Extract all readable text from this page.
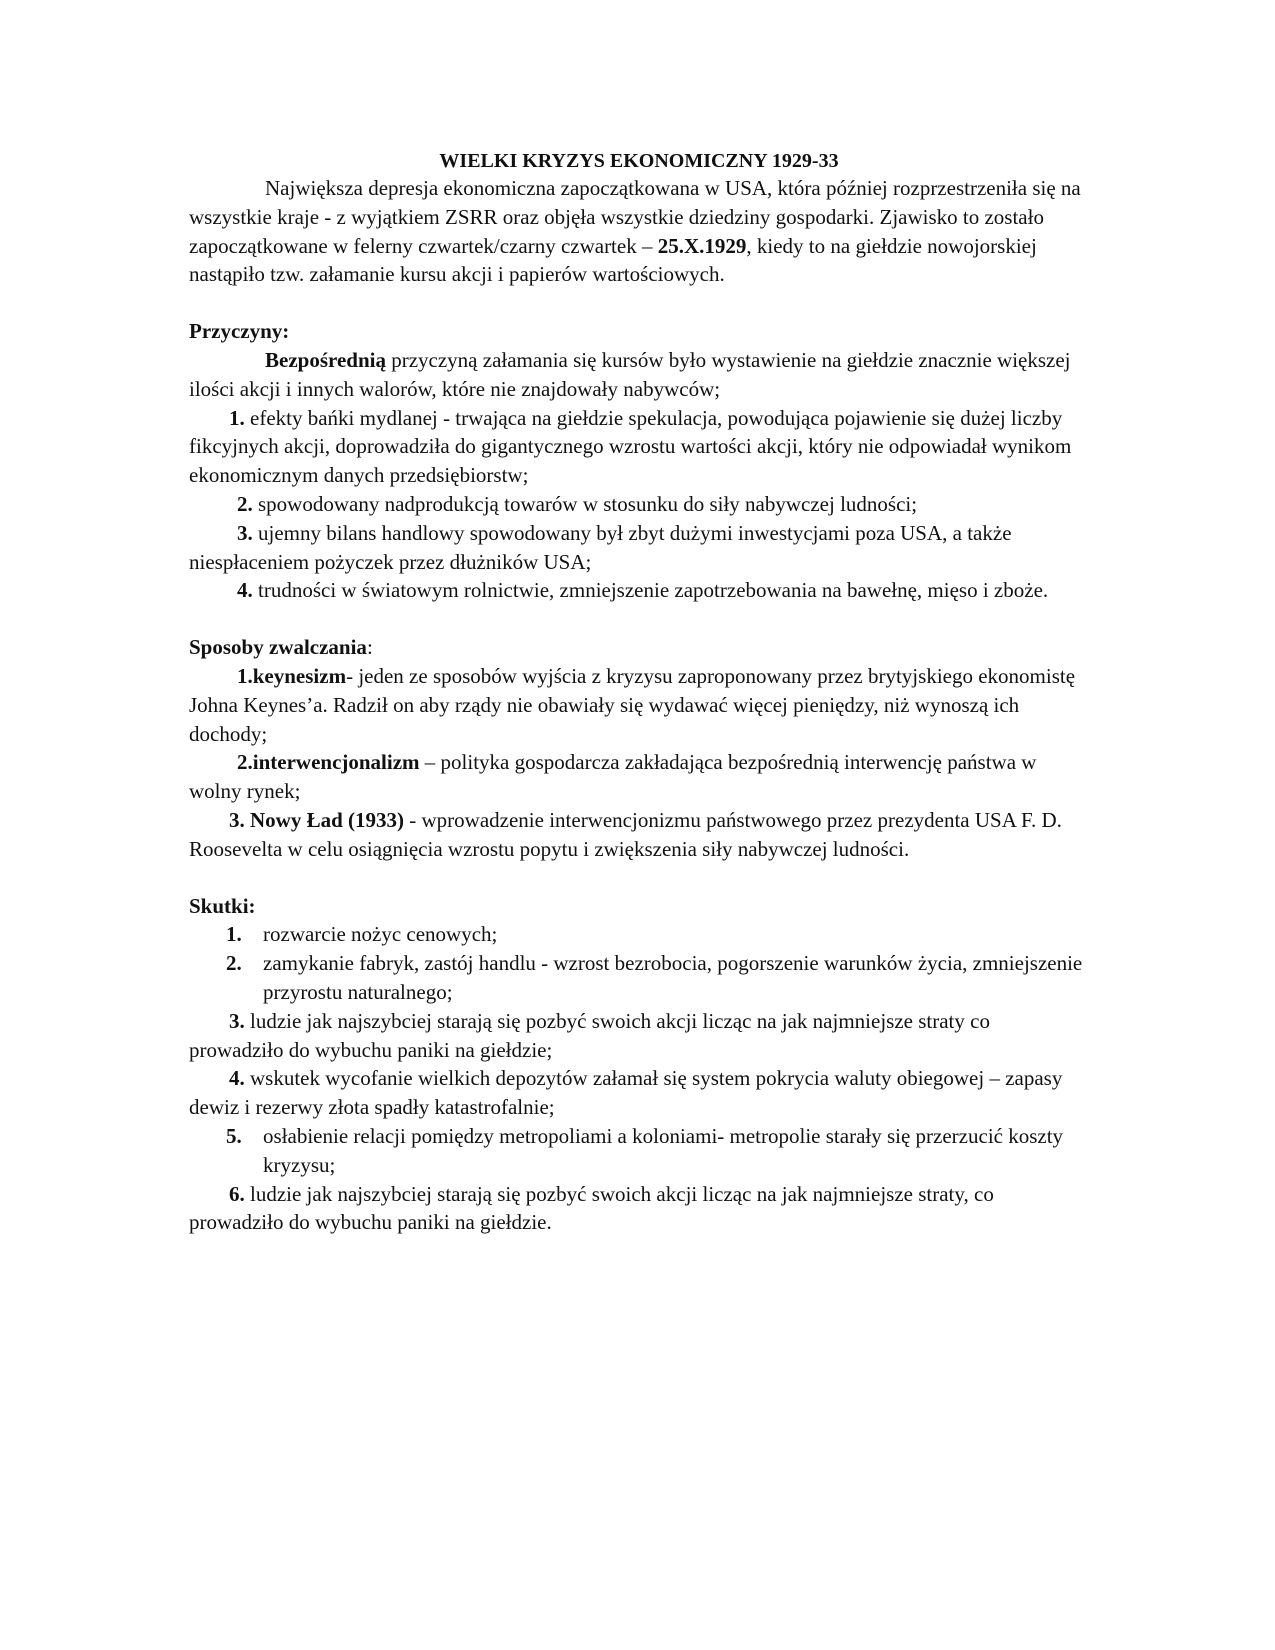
WIELKI KRYZYS EKONOMICZNY 1929-33

Największa depresja ekonomiczna zapoczątkowana w USA, która później rozprzestrzeniła się na wszystkie kraje - z wyjątkiem ZSRR oraz objęła wszystkie dziedziny gospodarki. Zjawisko to zostało zapoczątkowane w felerny czwartek/czarny czwartek – 25.X.1929, kiedy to na giełdzie nowojorskiej nastąpiło tzw. załamanie kursu akcji i papierów wartościowych.

Przyczyny:

Bezpośrednią przyczyną załamania się kursów było wystawienie na giełdzie znacznie większej ilości akcji i innych walorów, które nie znajdowały nabywców;

1. efekty bańki mydlanej - trwająca na giełdzie spekulacja, powodująca pojawienie się dużej liczby fikcyjnych akcji, doprowadziła do gigantycznego wzrostu wartości akcji, który nie odpowiadał wynikom ekonomicznym danych przedsiębiorstw;

2. spowodowany nadprodukcją towarów w stosunku do siły nabywczej ludności;

3. ujemny bilans handlowy spowodowany był zbyt dużymi inwestycjami poza USA, a także niespłaceniem pożyczek przez dłużników USA;

4. trudności w światowym rolnictwie, zmniejszenie zapotrzebowania na bawełnę, mięso i zboże.

Sposoby zwalczania:

1.keynesizm- jeden ze sposobów wyjścia z kryzysu zaproponowany przez brytyjskiego ekonomistę Johna Keynes’a. Radził on aby rządy nie obawiały się wydawać więcej pieniędzy, niż wynoszą ich dochody;

2.interwencjonalizm – polityka gospodarcza zakładająca bezpośrednią interwencję państwa w wolny rynek;

3. Nowy Ład (1933) - wprowadzenie interwencjonizmu państwowego przez prezydenta USA F. D. Roosevelta w celu osiągnięcia wzrostu popytu i zwiększenia siły nabywczej ludności.

Skutki:

1. rozwarcie nożyc cenowych;
2. zamykanie fabryk, zastój handlu - wzrost bezrobocia, pogorszenie warunków życia, zmniejszenie przyrostu naturalnego;

3. ludzie jak najszybciej starają się pozbyć swoich akcji licząc na jak najmniejsze straty co prowadziło do wybuchu paniki na giełdzie;

4. wskutek wycofanie wielkich depozytów załamał się system pokrycia waluty obiegowej – zapasy dewiz i rezerwy złota spadły katastrofalnie;

5. osłabienie relacji pomiędzy metropoliami a koloniami- metropolie starały się przerzucić koszty kryzysu;

6. ludzie jak najszybciej starają się pozbyć swoich akcji licząc na jak najmniejsze straty, co prowadziło do wybuchu paniki na giełdzie.
